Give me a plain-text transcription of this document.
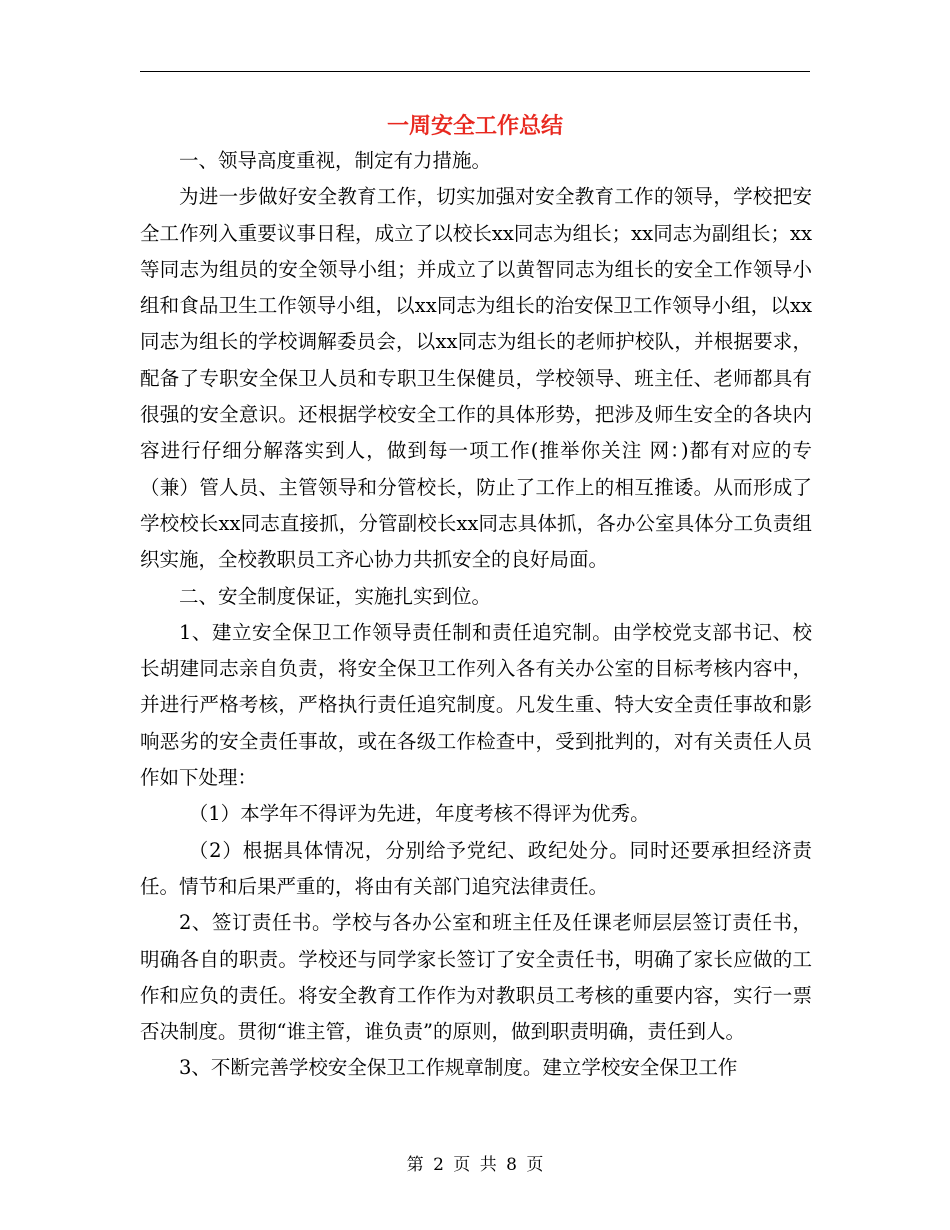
一周安全工作总结

一、领导高度重视，制定有力措施。

为进一步做好安全教育工作，切实加强对安全教育工作的领导，学校把安全工作列入重要议事日程，成立了以校长xx同志为组长；xx同志为副组长；xx等同志为组员的安全领导小组；并成立了以黄智同志为组长的安全工作领导小组和食品卫生工作领导小组，以xx同志为组长的治安保卫工作领导小组，以xx同志为组长的学校调解委员会，以xx同志为组长的老师护校队，并根据要求，配备了专职安全保卫人员和专职卫生保健员，学校领导、班主任、老师都具有很强的安全意识。还根据学校安全工作的具体形势，把涉及师生安全的各块内容进行仔细分解落实到人，做到每一项工作(推举你关注 网：)都有对应的专（兼）管人员、主管领导和分管校长，防止了工作上的相互推诿。从而形成了学校校长xx同志直接抓，分管副校长xx同志具体抓，各办公室具体分工负责组织实施，全校教职员工齐心协力共抓安全的良好局面。

二、安全制度保证，实施扎实到位。

1、建立安全保卫工作领导责任制和责任追究制。由学校党支部书记、校长胡建同志亲自负责，将安全保卫工作列入各有关办公室的目标考核内容中，并进行严格考核，严格执行责任追究制度。凡发生重、特大安全责任事故和影响恶劣的安全责任事故，或在各级工作检查中，受到批判的，对有关责任人员作如下处理：

（1）本学年不得评为先进，年度考核不得评为优秀。

（2）根据具体情况，分别给予党纪、政纪处分。同时还要承担经济责任。情节和后果严重的，将由有关部门追究法律责任。

2、签订责任书。学校与各办公室和班主任及任课老师层层签订责任书，明确各自的职责。学校还与同学家长签订了安全责任书，明确了家长应做的工作和应负的责任。将安全教育工作作为对教职员工考核的重要内容，实行一票否决制度。贯彻“谁主管，谁负责”的原则，做到职责明确，责任到人。

3、不断完善学校安全保卫工作规章制度。建立学校安全保卫工作

第 2 页 共 8 页
